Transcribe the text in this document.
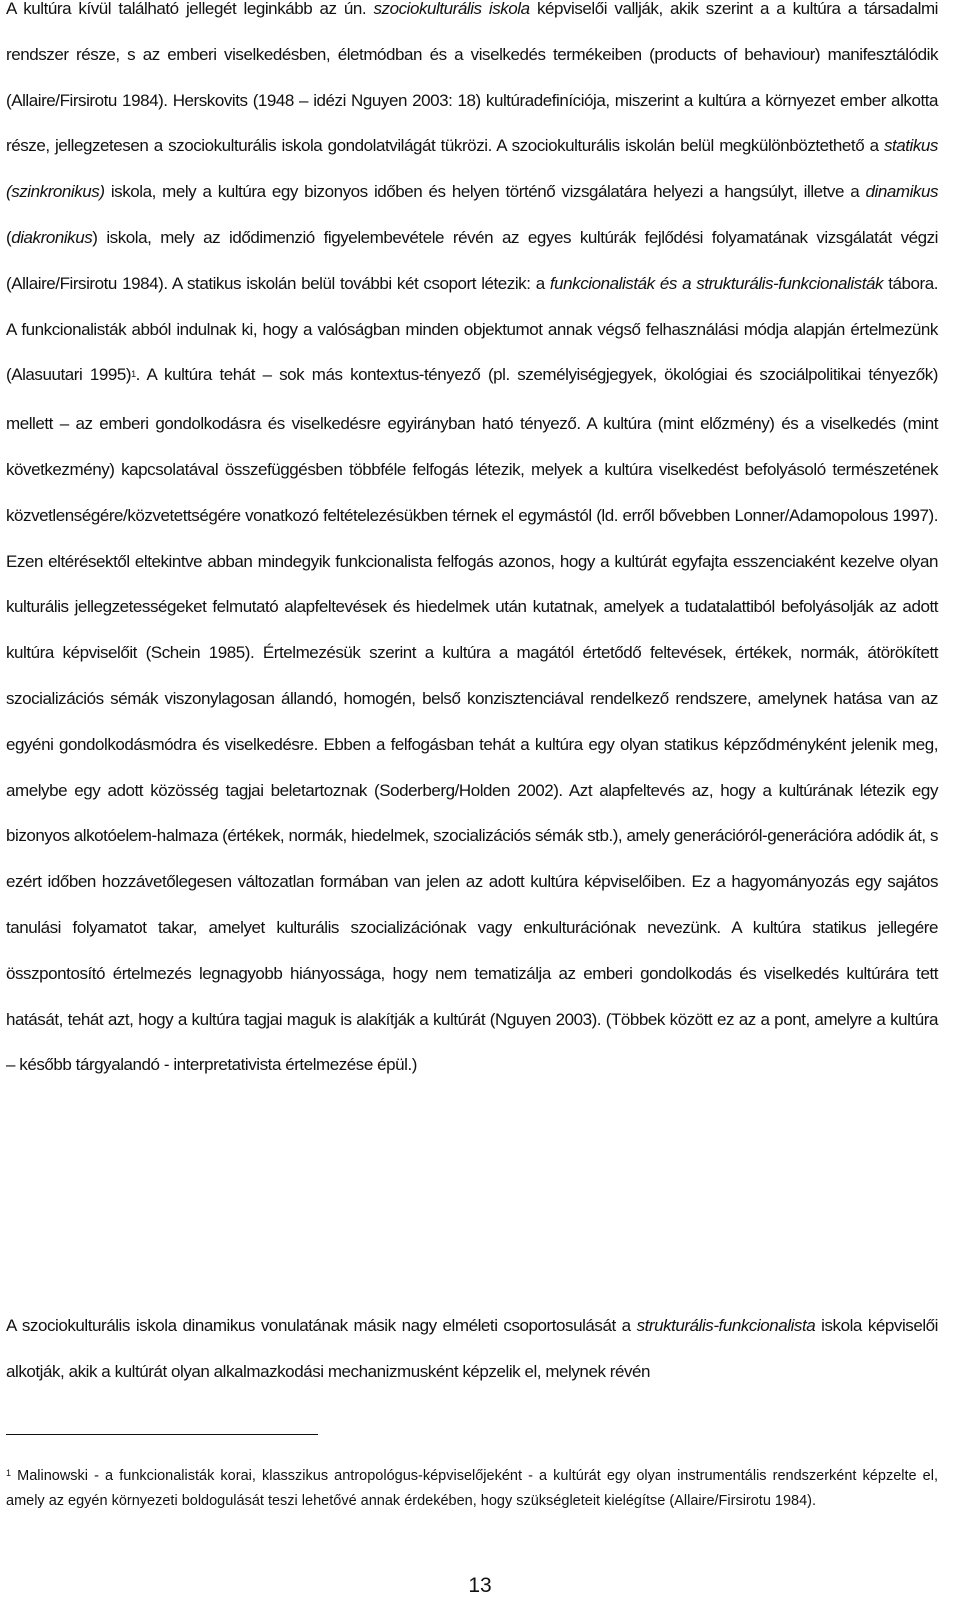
A kultúra kívül található jellegét leginkább az ún. szociokulturális iskola képviselői vallják, akik szerint a a kultúra a társadalmi rendszer része, s az emberi viselkedésben, életmódban és a viselkedés termékeiben (products of behaviour) manifesztálódik (Allaire/Firsirotu 1984). Herskovits (1948 – idézi Nguyen 2003: 18) kultúradefiníciója, miszerint a kultúra a környezet ember alkotta része, jellegzetesen a szociokulturális iskola gondolatvilágát tükrözi. A szociokulturális iskolán belül megkülönböztethető a statikus (szinkronikus) iskola, mely a kultúra egy bizonyos időben és helyen történő vizsgálatára helyezi a hangsúlyt, illetve a dinamikus (diakronikus) iskola, mely az idődimenzió figyelembevétele révén az egyes kultúrák fejlődési folyamatának vizsgálatát végzi (Allaire/Firsirotu 1984). A statikus iskolán belül további két csoport létezik: a funkcionalisták és a strukturális-funkcionalisták tábora. A funkcionalisták abból indulnak ki, hogy a valóságban minden objektumot annak végső felhasználási módja alapján értelmezünk (Alasuutari 1995)$^1$. A kultúra tehát – sok más kontextus-tényező (pl. személyiségjegyek, ökológiai és szociálpolitikai tényezők) mellett – az emberi gondolkodásra és viselkedésre egyirányban ható tényező. A kultúra (mint előzmény) és a viselkedés (mint következmény) kapcsolatával összefüggésben többféle felfogás létezik, melyek a kultúra viselkedést befolyásoló természetének közvetlenségére/közvetettségére vonatkozó feltételezésükben térnek el egymástól (ld. erről bővebben Lonner/Adamopolous 1997). Ezen eltérésektől eltekintve abban mindegyik funkcionalista felfogás azonos, hogy a kultúrát egyfajta esszenciaként kezelve olyan kulturális jellegzetességeket felmutató alapfeltevések és hiedelmek után kutatnak, amelyek a tudatalattiból befolyásolják az adott kultúra képviselőit (Schein 1985). Értelmezésük szerint a kultúra a magától értetődő feltevések, értékek, normák, átörökített szocializációs sémák viszonylagosan állandó, homogén, belső konzisztenciával rendelkező rendszere, amelynek hatása van az egyéni gondolkodásmódra és viselkedésre. Ebben a felfogásban tehát a kultúra egy olyan statikus képződményként jelenik meg, amelybe egy adott közösség tagjai beletartoznak (Soderberg/Holden 2002). Azt alapfeltevés az, hogy a kultúrának létezik egy bizonyos alkotóelem-halmaza (értékek, normák, hiedelmek, szocializációs sémák stb.), amely generációról-generációra adódik át, s ezért időben hozzávetőlegesen változatlan formában van jelen az adott kultúra képviselőiben. Ez a hagyományozás egy sajátos tanulási folyamatot takar, amelyet kulturális szocializációnak vagy enkulturációnak nevezünk. A kultúra statikus jellegére összpontosító értelmezés legnagyobb hiányossága, hogy nem tematizálja az emberi gondolkodás és viselkedés kultúrára tett hatását, tehát azt, hogy a kultúra tagjai maguk is alakítják a kultúrát (Nguyen 2003). (Többek között ez az a pont, amelyre a kultúra – később tárgyalandó - interpretativista értelmezése épül.)

A szociokulturális iskola dinamikus vonulatának másik nagy elméleti csoportosulását a strukturális-funkcionalista iskola képviselői alkotják, akik a kultúrát olyan alkalmazkodási mechanizmusként képzelik el, melynek révén

$^1$ Malinowski - a funkcionalisták korai, klasszikus antropológus-képviselőjeként - a kultúrát egy olyan instrumentális rendszerként képzelte el, amely az egyén környezeti boldogulását teszi lehetővé annak érdekében, hogy szükségleteit kielégítse (Allaire/Firsirotu 1984).

13
